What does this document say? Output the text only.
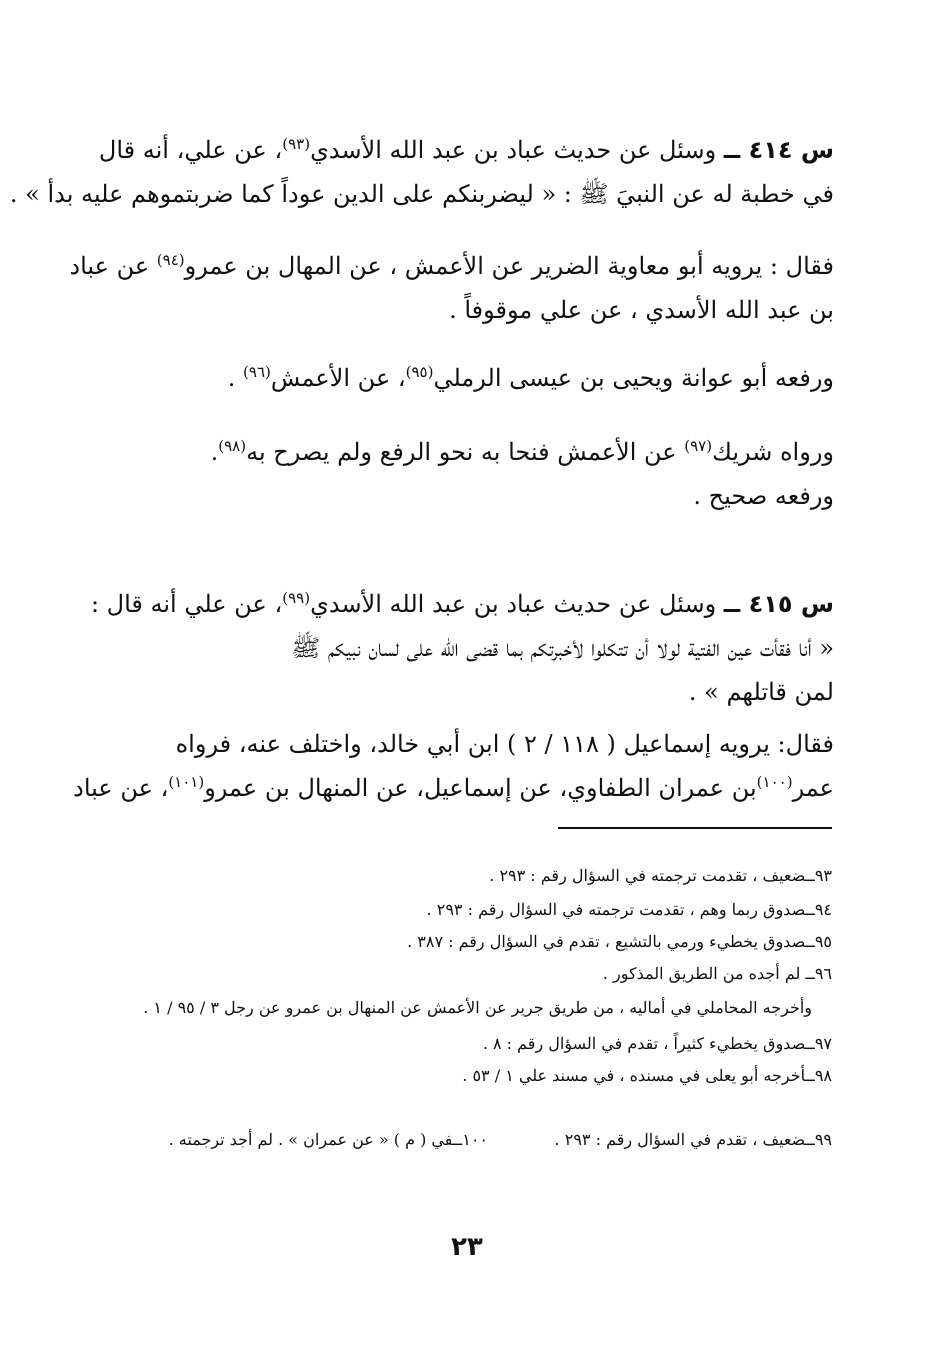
س ٤١٤ ــ وسئل عن حديث عباد بن عبد الله الأسدي$^{(٩٣)}$، عن علي، أنه قال
في خطبة له عن النبيَ ﷺ : « ليضربنكم على الدين عوداً كما ضربتموهم عليه بدأ » .
فقال : يرويه أبو معاوية الضرير عن الأعمش ، عن المهال بن عمرو$^{(٩٤)}$ عن عباد
بن عبد الله الأسدي ، عن علي موقوفاً .
ورفعه أبو عوانة ويحيى بن عيسى الرملي$^{(٩٥)}$، عن الأعمش$^{(٩٦)}$ .
ورواه شريك$^{(٩٧)}$ عن الأعمش فنحا به نحو الرفع ولم يصرح به$^{(٩٨)}$.
ورفعه صحيح .
س ٤١٥ ــ وسئل عن حديث عباد بن عبد الله الأسدي$^{(٩٩)}$، عن علي أنه قال :
« أنا فقأت عين الفتية لولا أن تتكلوا لأخبرتكم بما قضى الله على لسان نبيكم ﷺ
لمن قاتلهم » .
فقال: يرويه إسماعيل ( ١١٨ / ٢ ) ابن أبي خالد، واختلف عنه، فرواه
عمر$^{(١٠٠)}$بن عمران الطفاوي، عن إسماعيل، عن المنهال بن عمرو$^{(١٠١)}$، عن عباد
٩٣ــضعيف ، تقدمت ترجمته في السؤال رقم : ٢٩٣ .
٩٤ــصدوق ربما وهم ، تقدمت ترجمته في السؤال رقم : ٢٩٣ .
٩٥ــصدوق يخطيء ورمي بالتشيع ، تقدم في السؤال رقم : ٣٨٧ .
٩٦ــ لم أجده من الطريق المذكور .
وأخرجه المحاملي في أماليه ، من طريق جرير عن الأعمش عن المنهال بن عمرو عن رجل ٣ / ٩٥ / ١ .
٩٧ــصدوق يخطيء كثيراً ، تقدم في السؤال رقم : ٨ .
٩٨ــأخرجه أبو يعلى في مسنده ، في مسند علي ١ / ٥٣ .
٩٩ــضعيف ، تقدم في السؤال رقم : ٢٩٣ .
١٠٠ــفي ( م ) « عن عمران » . لم أجد ترجمته .
٢٣
